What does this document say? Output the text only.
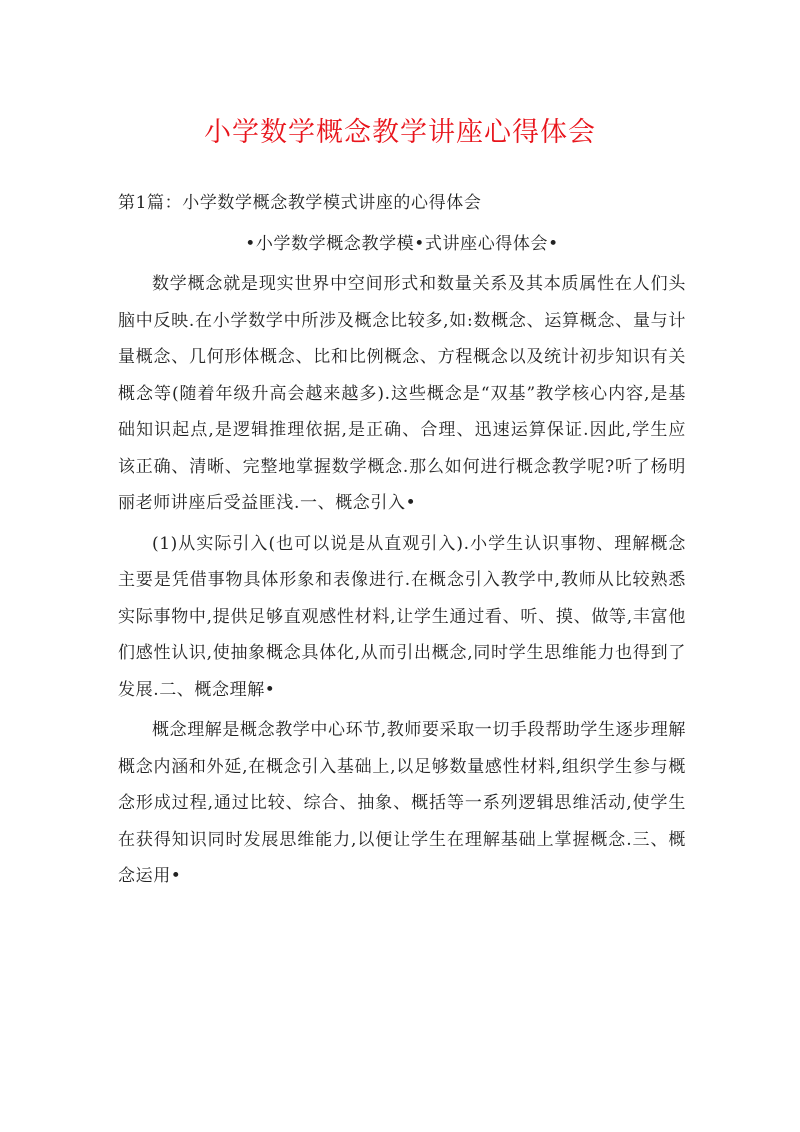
小学数学概念教学讲座心得体会

第1篇：小学数学概念教学模式讲座的心得体会

•小学数学概念教学模•式讲座心得体会•

数学概念就是现实世界中空间形式和数量关系及其本质属性在人们头脑中反映.在小学数学中所涉及概念比较多,如:数概念、运算概念、量与计量概念、几何形体概念、比和比例概念、方程概念以及统计初步知识有关概念等(随着年级升高会越来越多).这些概念是“双基”教学核心内容,是基础知识起点,是逻辑推理依据,是正确、合理、迅速运算保证.因此,学生应该正确、清晰、完整地掌握数学概念.那么如何进行概念教学呢?听了杨明丽老师讲座后受益匪浅.一、概念引入•

(1)从实际引入(也可以说是从直观引入).小学生认识事物、理解概念主要是凭借事物具体形象和表像进行.在概念引入教学中,教师从比较熟悉实际事物中,提供足够直观感性材料,让学生通过看、听、摸、做等,丰富他们感性认识,使抽象概念具体化,从而引出概念,同时学生思维能力也得到了发展.二、概念理解•

概念理解是概念教学中心环节,教师要采取一切手段帮助学生逐步理解概念内涵和外延,在概念引入基础上,以足够数量感性材料,组织学生参与概念形成过程,通过比较、综合、抽象、概括等一系列逻辑思维活动,使学生在获得知识同时发展思维能力,以便让学生在理解基础上掌握概念.三、概念运用•
